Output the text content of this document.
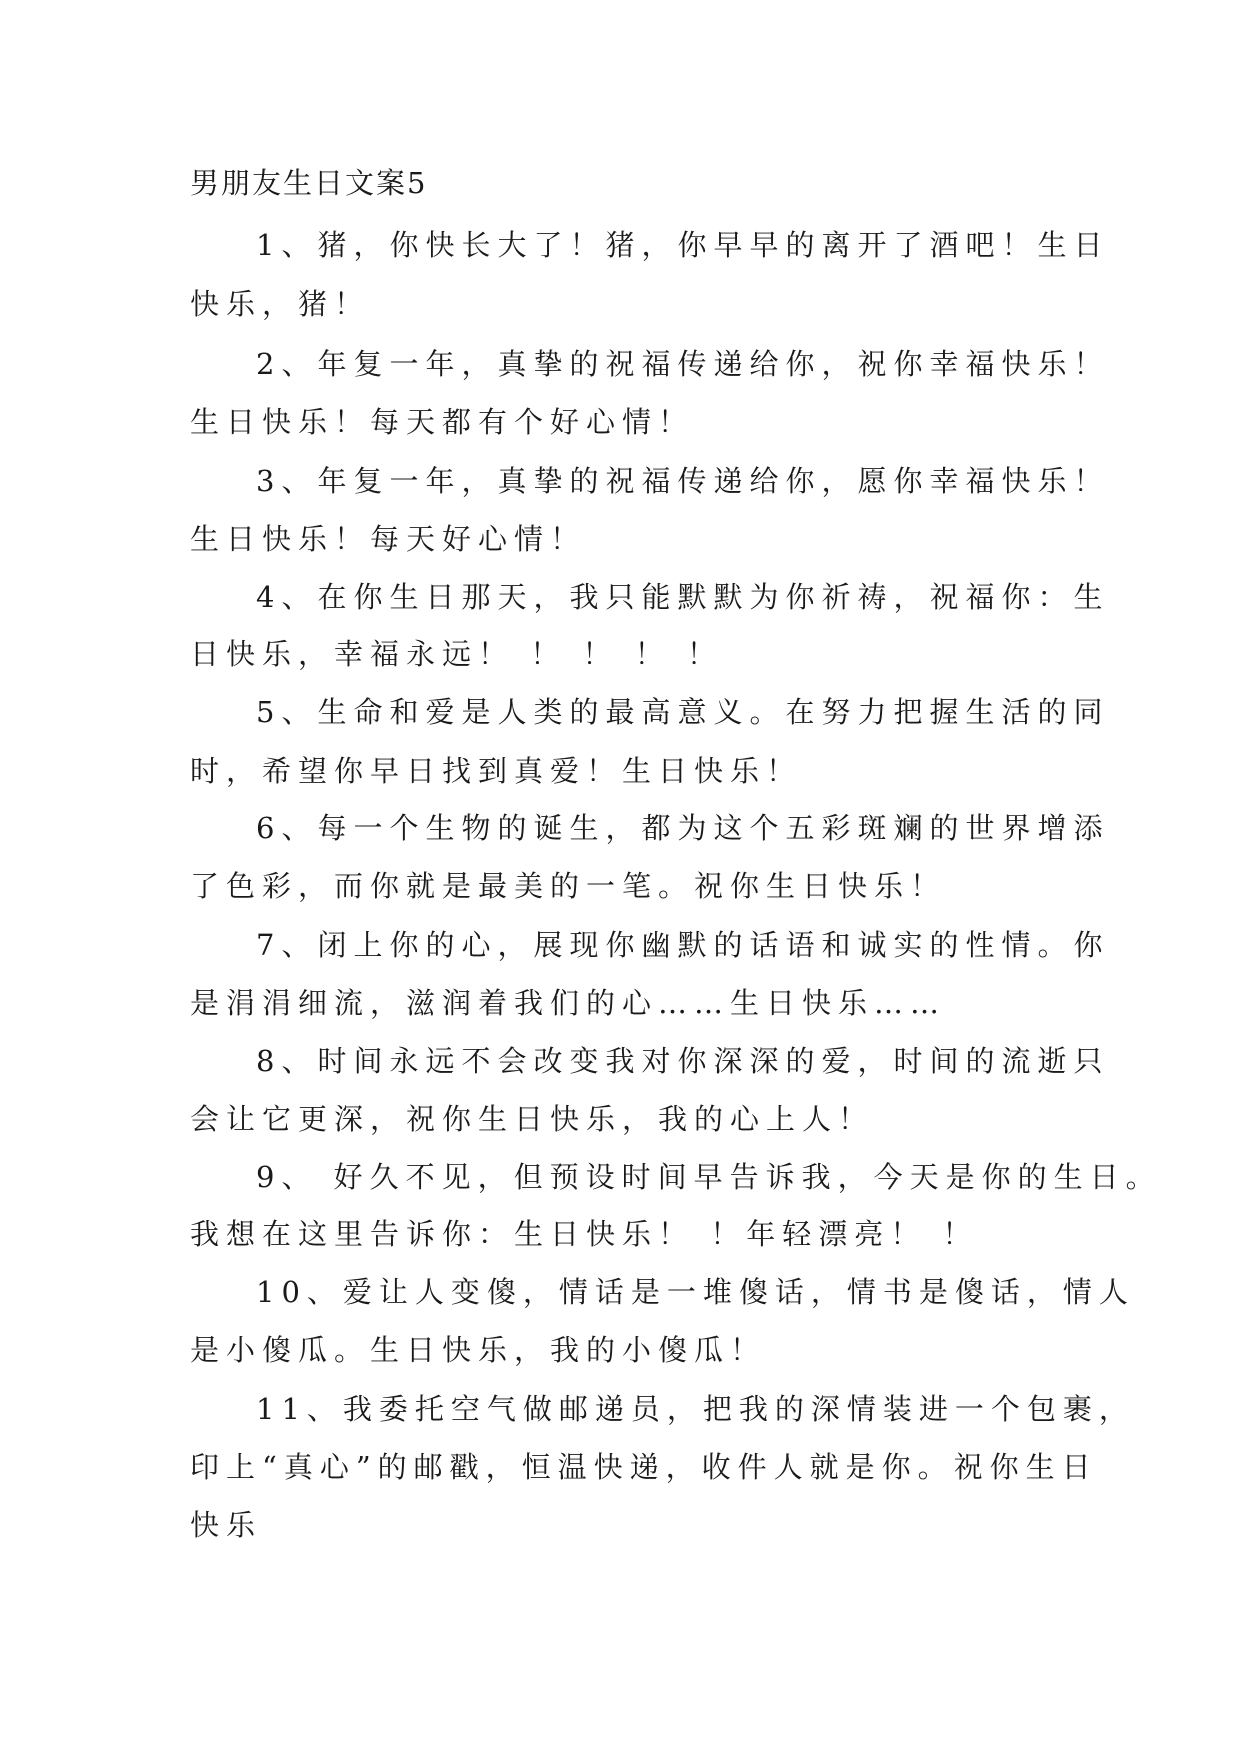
男朋友生日文案5
1、猪，你快长大了！猪，你早早的离开了酒吧！生日
快乐，猪！
2、年复一年，真挚的祝福传递给你，祝你幸福快乐！
生日快乐！每天都有个好心情！
3、年复一年，真挚的祝福传递给你，愿你幸福快乐！
生日快乐！每天好心情！
4、在你生日那天，我只能默默为你祈祷，祝福你：生
日快乐，幸福永远！ ！ ！ ！ ！
5、生命和爱是人类的最高意义。在努力把握生活的同
时，希望你早日找到真爱！生日快乐！
6、每一个生物的诞生，都为这个五彩斑斓的世界增添
了色彩，而你就是最美的一笔。祝你生日快乐！
7、闭上你的心，展现你幽默的话语和诚实的性情。你
是涓涓细流，滋润着我们的心……生日快乐……
8、时间永远不会改变我对你深深的爱，时间的流逝只
会让它更深，祝你生日快乐，我的心上人！
9、 好久不见，但预设时间早告诉我，今天是你的生日。
我想在这里告诉你：生日快乐！ ！年轻漂亮！ ！
10、爱让人变傻，情话是一堆傻话，情书是傻话，情人
是小傻瓜。生日快乐，我的小傻瓜！
11、我委托空气做邮递员，把我的深情装进一个包裹，
印上“真心”的邮戳，恒温快递，收件人就是你。祝你生日
快乐
